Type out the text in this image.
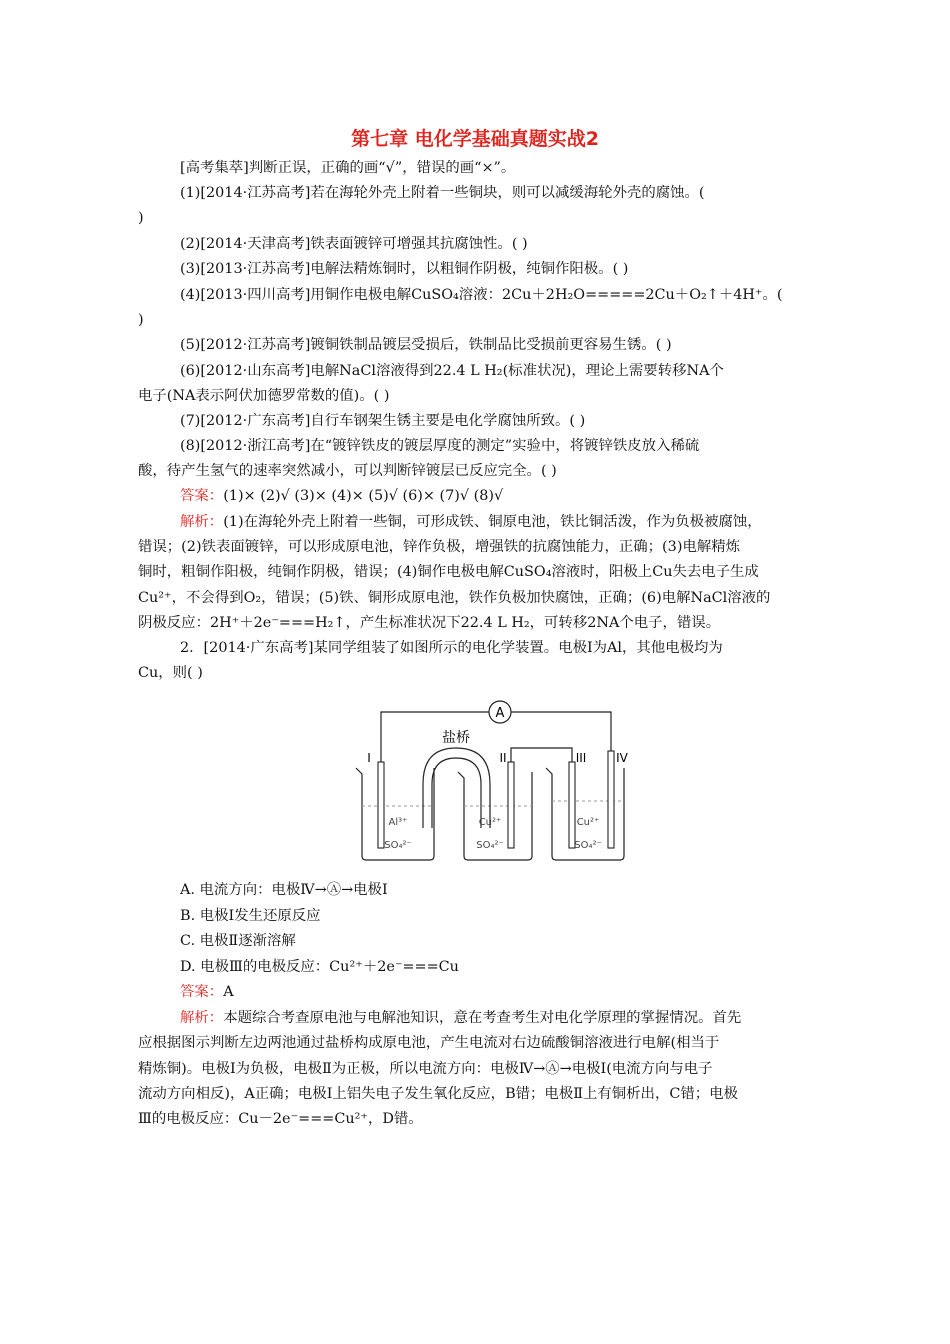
第七章 电化学基础真题实战2
[高考集萃]判断正误，正确的画“√”，错误的画“×”。
(1)[2014·江苏高考]若在海轮外壳上附着一些铜块，则可以减缓海轮外壳的腐蚀。(
)
(2)[2014·天津高考]铁表面镀锌可增强其抗腐蚀性。( )
(3)[2013·江苏高考]电解法精炼铜时，以粗铜作阴极，纯铜作阳极。( )
(4)[2013·四川高考]用铜作电极电解CuSO₄溶液：2Cu＋2H₂O=====2Cu＋O₂↑＋4H⁺。(
)
(5)[2012·江苏高考]镀铜铁制品镀层受损后，铁制品比受损前更容易生锈。( )
(6)[2012·山东高考]电解NaCl溶液得到22.4 L H₂(标准状况)，理论上需要转移NA个
电子(NA表示阿伏加德罗常数的值)。( )
(7)[2012·广东高考]自行车钢架生锈主要是电化学腐蚀所致。( )
(8)[2012·浙江高考]在“镀锌铁皮的镀层厚度的测定”实验中，将镀锌铁皮放入稀硫
酸，待产生氢气的速率突然减小，可以判断锌镀层已反应完全。( )
答案：(1)× (2)√ (3)× (4)× (5)√ (6)× (7)√ (8)√
解析：(1)在海轮外壳上附着一些铜，可形成铁、铜原电池，铁比铜活泼，作为负极被腐蚀，
错误；(2)铁表面镀锌，可以形成原电池，锌作负极，增强铁的抗腐蚀能力，正确；(3)电解精炼
铜时，粗铜作阳极，纯铜作阴极，错误；(4)铜作电极电解CuSO₄溶液时，阳极上Cu失去电子生成
Cu²⁺，不会得到O₂，错误；(5)铁、铜形成原电池，铁作负极加快腐蚀，正确；(6)电解NaCl溶液的
阴极反应：2H⁺＋2e⁻===H₂↑，产生标准状况下22.4 L H₂，可转移2NA个电子，错误。
2．[2014·广东高考]某同学组装了如图所示的电化学装置。电极Ⅰ为Al，其他电极均为
Cu，则( )
A
盐桥
I	II	III IV
Al³⁺
SO₄²⁻
Cu²⁺
SO₄²⁻
Cu²⁺
SO₄²⁻
A. 电流方向：电极Ⅳ→Ⓐ→电极Ⅰ
B. 电极Ⅰ发生还原反应
C. 电极Ⅱ逐渐溶解
D. 电极Ⅲ的电极反应：Cu²⁺＋2e⁻===Cu
答案：A
解析：本题综合考查原电池与电解池知识，意在考查考生对电化学原理的掌握情况。首先
应根据图示判断左边两池通过盐桥构成原电池，产生电流对右边硫酸铜溶液进行电解(相当于
精炼铜)。电极Ⅰ为负极，电极Ⅱ为正极，所以电流方向：电极Ⅳ→Ⓐ→电极Ⅰ(电流方向与电子
流动方向相反)，A正确；电极Ⅰ上铝失电子发生氧化反应，B错；电极Ⅱ上有铜析出，C错；电极
Ⅲ的电极反应：Cu－2e⁻===Cu²⁺，D错。
